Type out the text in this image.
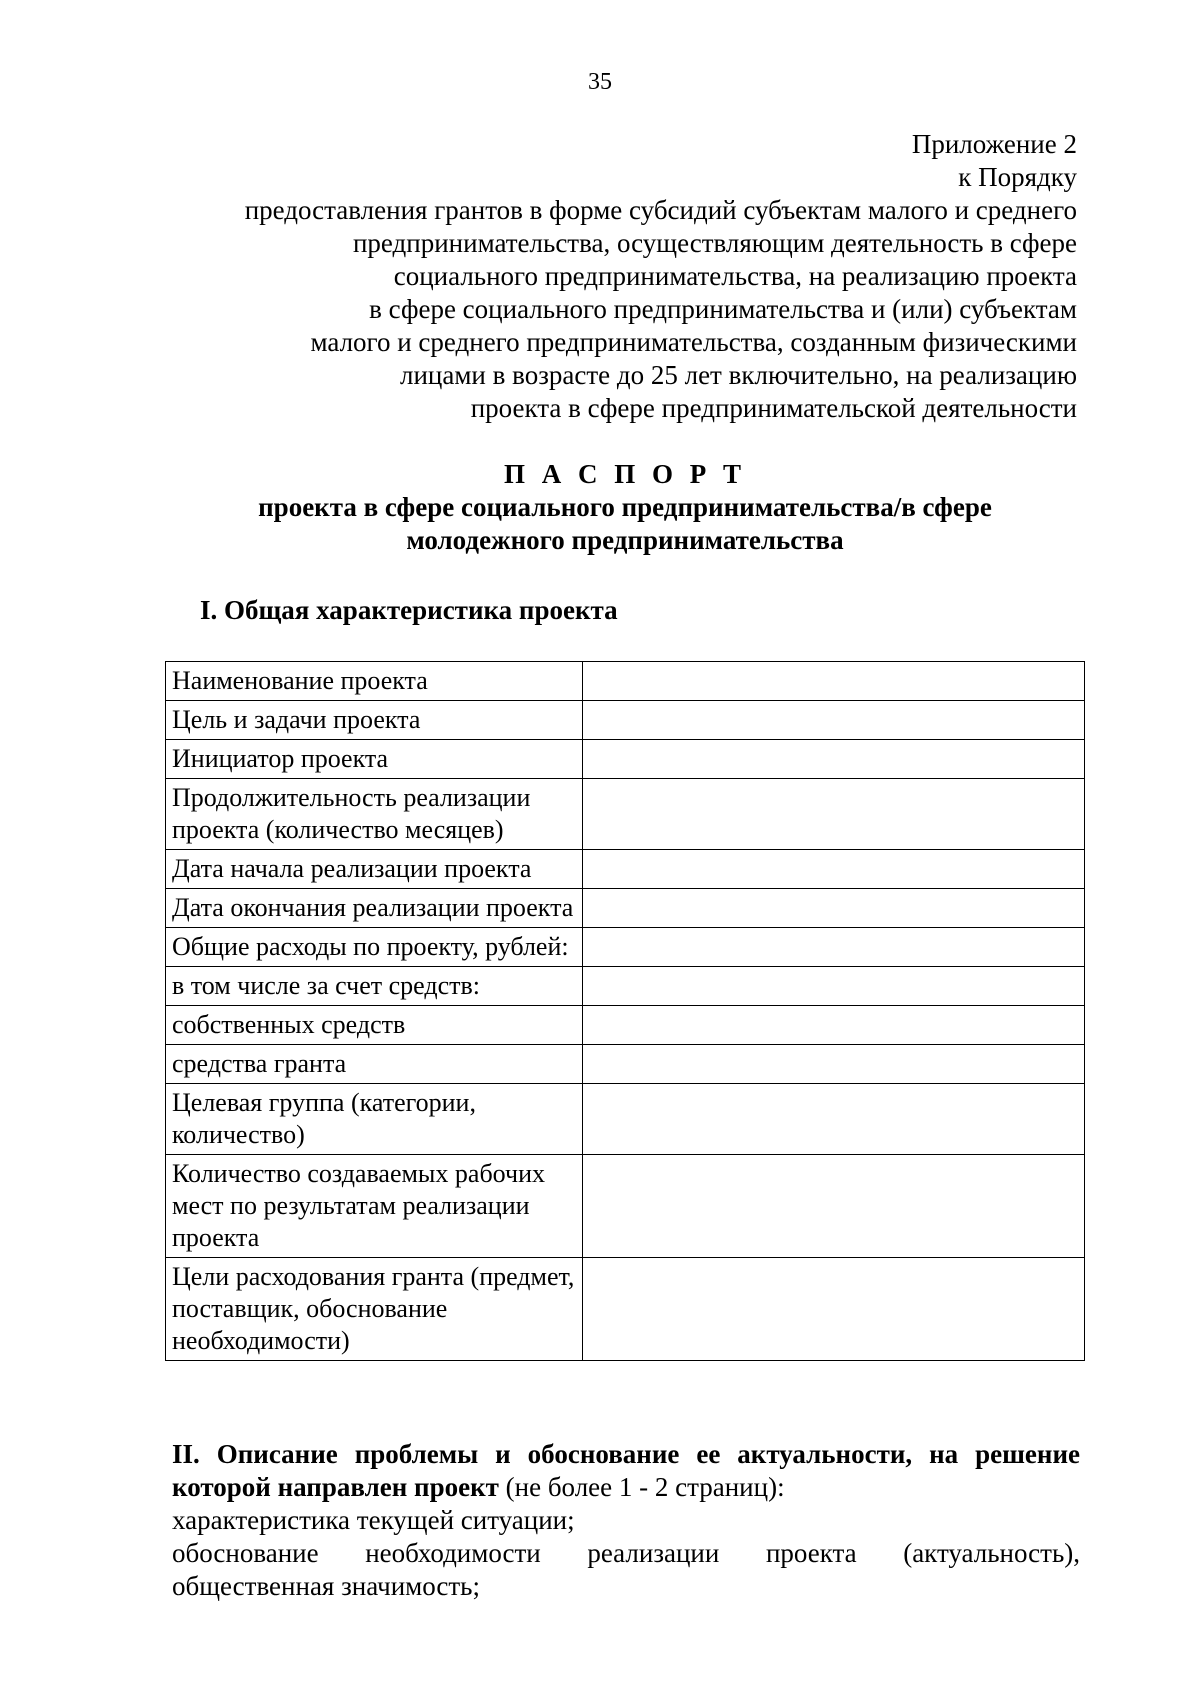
35
Приложение 2
к Порядку
предоставления грантов в форме субсидий субъектам малого и среднего
предпринимательства, осуществляющим деятельность в сфере
социального предпринимательства, на реализацию проекта
в сфере социального предпринимательства и (или) субъектам
малого и среднего предпринимательства, созданным физическими
лицами в возрасте до 25 лет включительно, на реализацию
проекта в сфере предпринимательской деятельности
П А С П О Р Т
проекта в сфере социального предпринимательства/в сфере
молодежного предпринимательства
I. Общая характеристика проекта
Наименование проекта	
Цель и задачи проекта	
Инициатор проекта	
Продолжительность реализации проекта (количество месяцев)	
Дата начала реализации проекта	
Дата окончания реализации проекта	
Общие расходы по проекту, рублей:	
в том числе за счет средств:	
собственных средств	
средства гранта	
Целевая группа (категории, количество)	
Количество создаваемых рабочих мест по результатам реализации проекта	
Цели расходования гранта (предмет, поставщик, обоснование необходимости)	
II. Описание проблемы и обоснование ее актуальности, на решение которой направлен проект (не более 1 - 2 страниц):
характеристика текущей ситуации;
обоснование необходимости реализации проекта (актуальность),
общественная значимость;
